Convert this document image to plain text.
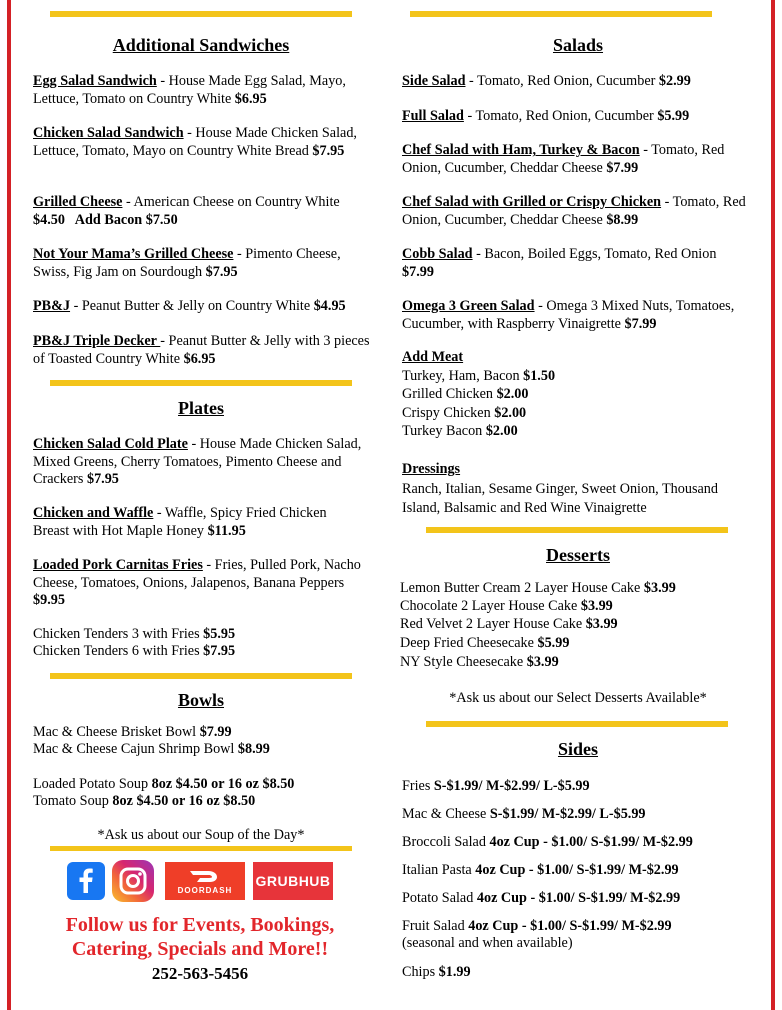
Additional Sandwiches
Egg Salad Sandwich - House Made Egg Salad, Mayo, Lettuce, Tomato on Country White $6.95
Chicken Salad Sandwich - House Made Chicken Salad, Lettuce, Tomato, Mayo on Country White Bread $7.95
Grilled Cheese - American Cheese on Country White $4.50   Add Bacon $7.50
Not Your Mama’s Grilled Cheese - Pimento Cheese, Swiss, Fig Jam on Sourdough $7.95
PB&J - Peanut Butter & Jelly on Country White $4.95
PB&J Triple Decker - Peanut Butter & Jelly with 3 pieces of Toasted Country White $6.95
Plates
Chicken Salad Cold Plate - House Made Chicken Salad, Mixed Greens, Cherry Tomatoes, Pimento Cheese and Crackers $7.95
Chicken and Waffle - Waffle, Spicy Fried Chicken Breast with Hot Maple Honey $11.95
Loaded Pork Carnitas Fries - Fries, Pulled Pork, Nacho Cheese, Tomatoes, Onions, Jalapenos, Banana Peppers $9.95
Chicken Tenders 3 with Fries $5.95
Chicken Tenders 6 with Fries $7.95
Bowls
Mac & Cheese Brisket Bowl $7.99
Mac & Cheese Cajun Shrimp Bowl $8.99
Loaded Potato Soup 8oz $4.50 or 16 oz $8.50
Tomato Soup 8oz $4.50 or 16 oz $8.50
*Ask us about our Soup of the Day*
DOORDASH
GRUBHUB
Follow us for Events, Bookings,
Catering, Specials and More!!
252-563-5456
Salads
Side Salad - Tomato, Red Onion, Cucumber $2.99
Full Salad - Tomato, Red Onion, Cucumber $5.99
Chef Salad with Ham, Turkey & Bacon - Tomato, Red Onion, Cucumber, Cheddar Cheese $7.99
Chef Salad with Grilled or Crispy Chicken - Tomato, Red Onion, Cucumber, Cheddar Cheese $8.99
Cobb Salad - Bacon, Boiled Eggs, Tomato, Red Onion $7.99
Omega 3 Green Salad - Omega 3 Mixed Nuts, Tomatoes, Cucumber, with Raspberry Vinaigrette $7.99
Add Meat
Turkey, Ham, Bacon $1.50
Grilled Chicken $2.00
Crispy Chicken $2.00
Turkey Bacon $2.00
Dressings
Ranch, Italian, Sesame Ginger, Sweet Onion, Thousand Island, Balsamic and Red Wine Vinaigrette
Desserts
Lemon Butter Cream 2 Layer House Cake $3.99
Chocolate 2 Layer House Cake $3.99
Red Velvet 2 Layer House Cake $3.99
Deep Fried Cheesecake $5.99
NY Style Cheesecake $3.99
*Ask us about our Select Desserts Available*
Sides
Fries S-$1.99/ M-$2.99/ L-$5.99
Mac & Cheese S-$1.99/ M-$2.99/ L-$5.99
Broccoli Salad 4oz Cup - $1.00/ S-$1.99/ M-$2.99
Italian Pasta 4oz Cup - $1.00/ S-$1.99/ M-$2.99
Potato Salad 4oz Cup - $1.00/ S-$1.99/ M-$2.99
Fruit Salad 4oz Cup - $1.00/ S-$1.99/ M-$2.99
(seasonal and when available)
Chips $1.99
